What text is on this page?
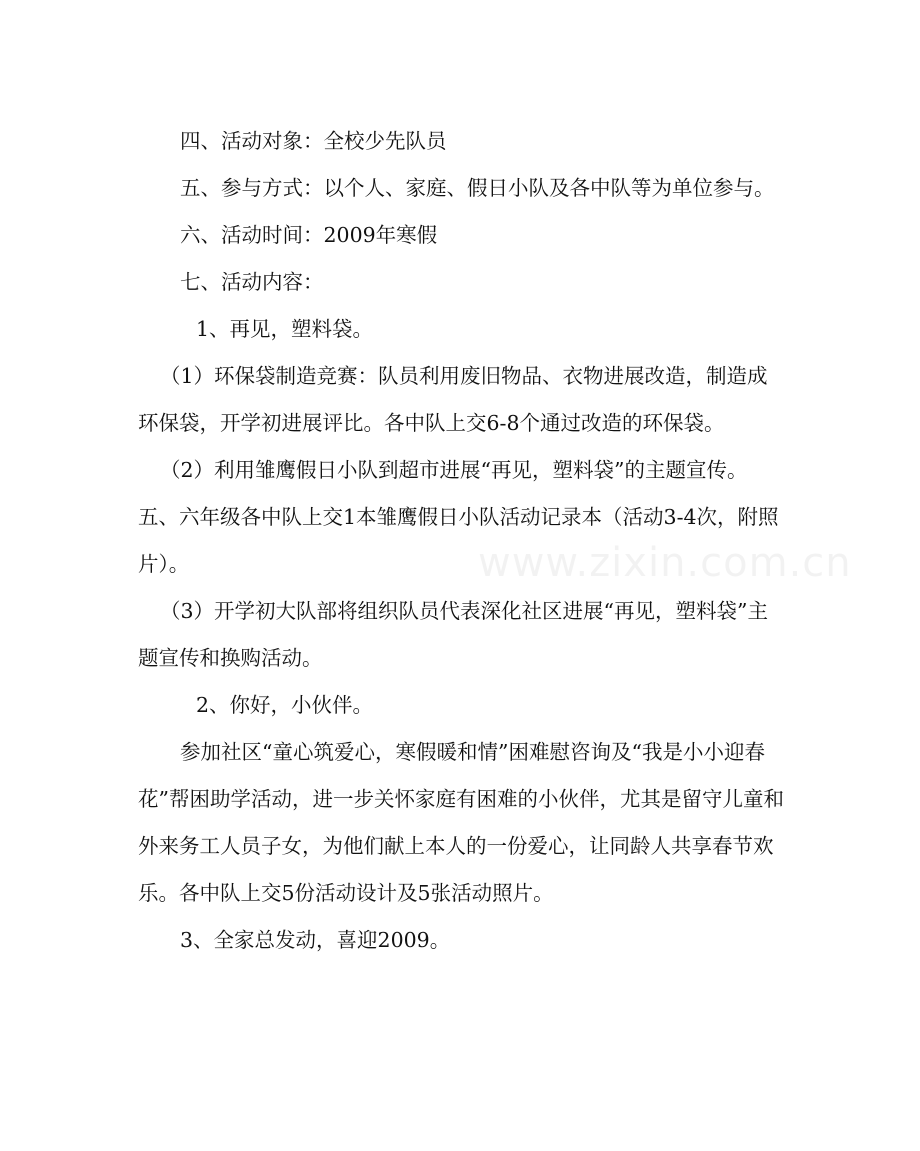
www.zixin.com.cn

四、活动对象：全校少先队员

五、参与方式：以个人、家庭、假日小队及各中队等为单位参与。

六、活动时间：2009年寒假

七、活动内容：

1、再见，塑料袋。

（1）环保袋制造竞赛：队员利用废旧物品、衣物进展改造，制造成环保袋，开学初进展评比。各中队上交6-8个通过改造的环保袋。

（2）利用雏鹰假日小队到超市进展“再见，塑料袋”的主题宣传。五、六年级各中队上交1本雏鹰假日小队活动记录本（活动3-4次，附照片）。

（3）开学初大队部将组织队员代表深化社区进展“再见，塑料袋”主题宣传和换购活动。

2、你好，小伙伴。

参加社区“童心筑爱心，寒假暖和情”困难慰咨询及“我是小小迎春花”帮困助学活动，进一步关怀家庭有困难的小伙伴，尤其是留守儿童和外来务工人员子女，为他们献上本人的一份爱心，让同龄人共享春节欢乐。各中队上交5份活动设计及5张活动照片。

3、全家总发动，喜迎2009。
